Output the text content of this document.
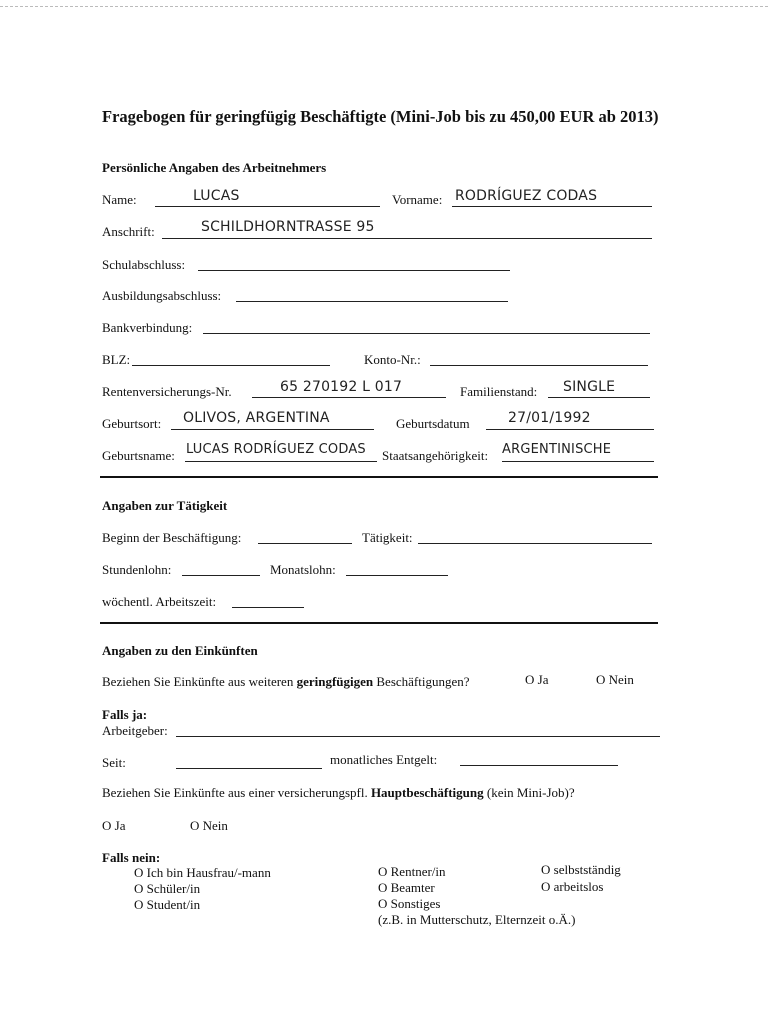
Fragebogen für geringfügig Beschäftigte (Mini-Job bis zu 450,00 EUR ab 2013)
Persönliche Angaben des Arbeitnehmers
Name:	LUCAS	Vorname: RODRÍGUEZ CODAS
Anschrift:	SCHILDHORNTRASSE 95
Schulabschluss:
Ausbildungsabschluss:
Bankverbindung:
BLZ:	Konto-Nr.:
Rentenversicherungs-Nr.	65 270192 L 017	Familienstand: SINGLE
Geburtsort: OLIVOS, ARGENTINA	Geburtsdatum	27/01/1992
Geburtsname: LUCAS RODRÍGUEZ CODAS Staatsangehörigkeit: ARGENTINISCHE
Angaben zur Tätigkeit
Beginn der Beschäftigung:	Tätigkeit:
Stundenlohn:	Monatslohn:
wöchentl. Arbeitszeit:
Angaben zu den Einkünften
Beziehen Sie Einkünfte aus weiteren geringfügigen Beschäftigungen?	O Ja	O Nein
Falls ja:
Arbeitgeber:
Seit:	monatliches Entgelt:
Beziehen Sie Einkünfte aus einer versicherungspfl. Hauptbeschäftigung (kein Mini-Job)?
O Ja	O Nein
Falls nein:
O Ich bin Hausfrau/-mann
O Schüler/in
O Student/in
O Rentner/in
O Beamter
O Sonstiges
(z.B. in Mutterschutz, Elternzeit o.Ä.)
O selbstständig
O arbeitslos
